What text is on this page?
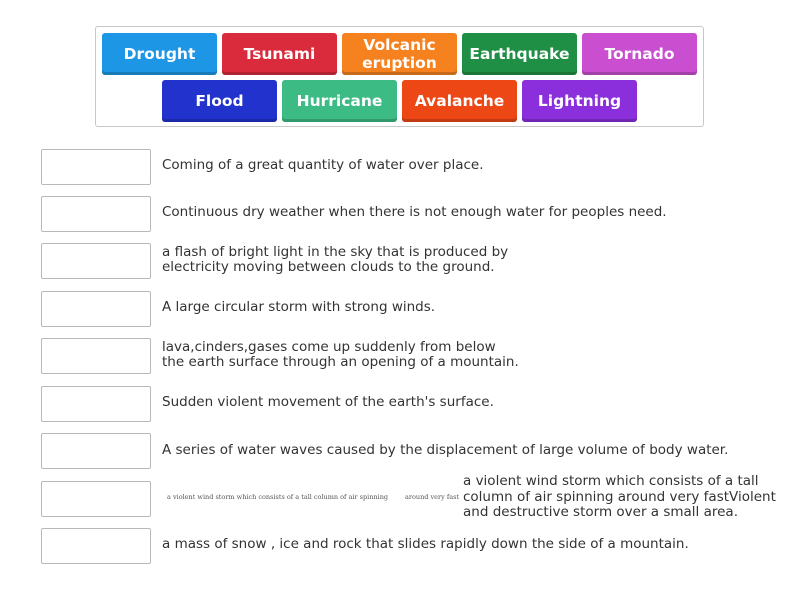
Drought	Tsunami	Volcanic
eruption Earthquake Tornado
Flood	Hurricane Avalanche Lightning
Coming of a great quantity of water over place.
Continuous dry weather when there is not enough water for peoples need.
a flash of bright light in the sky that is produced by
electricity moving between clouds to the ground.
A large circular storm with strong winds.
lava,cinders,gases come up suddenly from below
the earth surface through an opening of a mountain.
Sudden violent movement of the earth's surface.
A series of water waves caused by the displacement of large volume of body water.
a violent wind storm which consists of a tall column of air spinning	around very fast
a violent wind storm which consists of a tall
column of air spinning around very fastViolent
and destructive storm over a small area.
a mass of snow , ice and rock that slides rapidly down the side of a mountain.
